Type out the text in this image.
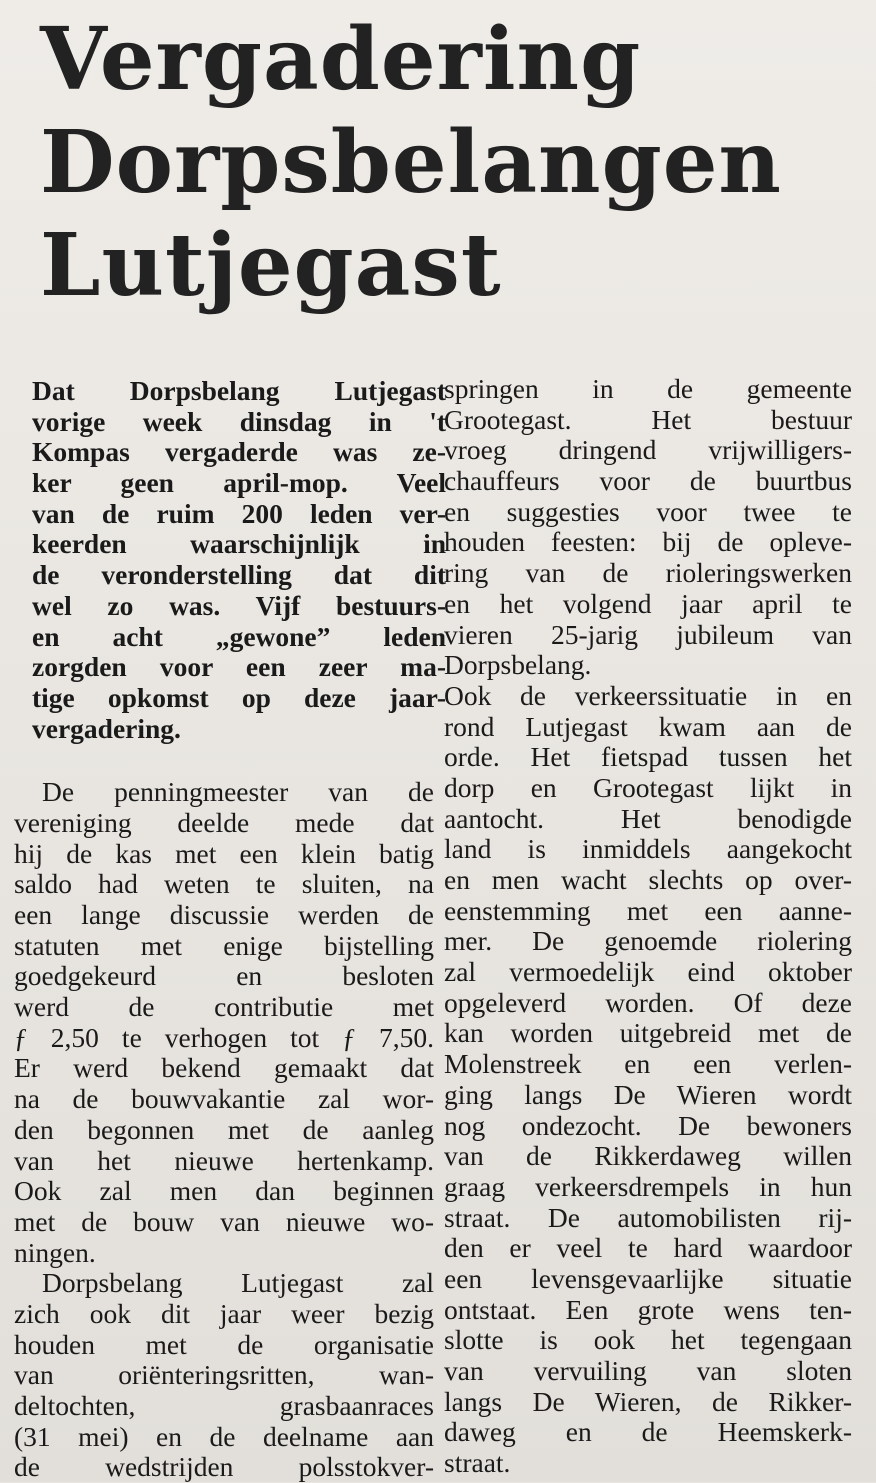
Vergadering
Dorpsbelangen
Lutjegast

Dat Dorpsbelang Lutjegast
vorige week dinsdag in 't
Kompas vergaderde was ze-
ker geen april-mop. Veel
van de ruim 200 leden ver-
keerden waarschijnlijk in
de veronderstelling dat dit
wel zo was. Vijf bestuurs-
en acht „gewone” leden
zorgden voor een zeer ma-
tige opkomst op deze jaar-
vergadering.

De penningmeester van de
vereniging deelde mede dat
hij de kas met een klein batig
saldo had weten te sluiten, na
een lange discussie werden de
statuten met enige bijstelling
goedgekeurd en besloten
werd de contributie met
ƒ 2,50 te verhogen tot ƒ 7,50.
Er werd bekend gemaakt dat
na de bouwvakantie zal wor-
den begonnen met de aanleg
van het nieuwe hertenkamp.
Ook zal men dan beginnen
met de bouw van nieuwe wo-
ningen.

Dorpsbelang Lutjegast zal
zich ook dit jaar weer bezig
houden met de organisatie
van oriënteringsritten, wan-
deltochten, grasbaanraces
(31 mei) en de deelname aan
de wedstrijden polsstokver-

springen in de gemeente
Grootegast. Het bestuur
vroeg dringend vrijwilligers-
chauffeurs voor de buurtbus
en suggesties voor twee te
houden feesten: bij de opleve-
ring van de rioleringswerken
en het volgend jaar april te
vieren 25-jarig jubileum van
Dorpsbelang.

Ook de verkeerssituatie in en
rond Lutjegast kwam aan de
orde. Het fietspad tussen het
dorp en Grootegast lijkt in
aantocht. Het benodigde
land is inmiddels aangekocht
en men wacht slechts op over-
eenstemming met een aanne-
mer. De genoemde riolering
zal vermoedelijk eind oktober
opgeleverd worden. Of deze
kan worden uitgebreid met de
Molenstreek en een verlen-
ging langs De Wieren wordt
nog ondezocht. De bewoners
van de Rikkerdaweg willen
graag verkeersdrempels in hun
straat. De automobilisten rij-
den er veel te hard waardoor
een levensgevaarlijke situatie
ontstaat. Een grote wens ten-
slotte is ook het tegengaan
van vervuiling van sloten
langs De Wieren, de Rikker-
daweg en de Heemskerk-
straat.
